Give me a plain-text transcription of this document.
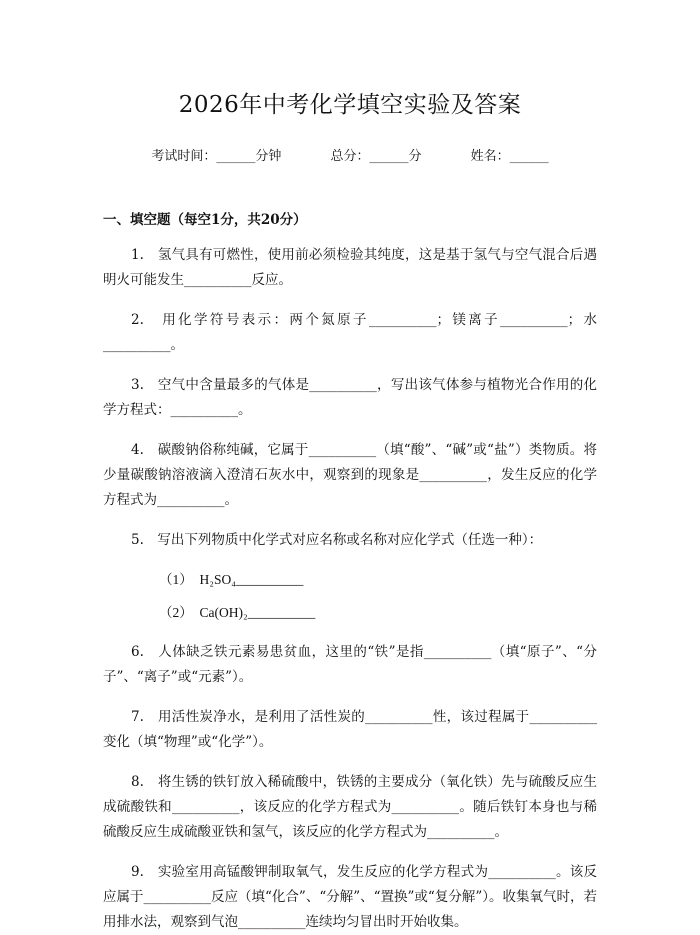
2026年中考化学填空实验及答案
考试时间：______分钟	总分：______分	姓名：______
一、填空题（每空1分，共20分）

1.　氢气具有可燃性，使用前必须检验其纯度，这是基于氢气与空气混合后遇明火可能发生__________反应。

2.　用化学符号表示：两个氮原子__________；镁离子__________；水__________。

3.　空气中含量最多的气体是__________，写出该气体参与植物光合作用的化学方程式：__________。

4.　碳酸钠俗称纯碱，它属于__________（填“酸”、“碱”或“盐”）类物质。将少量碳酸钠溶液滴入澄清石灰水中，观察到的现象是__________，发生反应的化学方程式为__________。

5.　写出下列物质中化学式对应名称或名称对应化学式（任选一种）：

（1）　H₂SO₄__________
（2）　Ca(OH)₂__________

6.　人体缺乏铁元素易患贫血，这里的“铁”是指__________（填“原子”、“分子”、“离子”或“元素”）。

7.　用活性炭净水，是利用了活性炭的__________性，该过程属于__________变化（填“物理”或“化学”）。

8.　将生锈的铁钉放入稀硫酸中，铁锈的主要成分（氧化铁）先与硫酸反应生成硫酸铁和__________，该反应的化学方程式为__________。随后铁钉本身也与稀硫酸反应生成硫酸亚铁和氢气，该反应的化学方程式为__________。

9.　实验室用高锰酸钾制取氧气，发生反应的化学方程式为__________。该反应属于__________反应（填“化合”、“分解”、“置换”或“复分解”）。收集氧气时，若用排水法，观察到气泡__________连续均匀冒出时开始收集。
